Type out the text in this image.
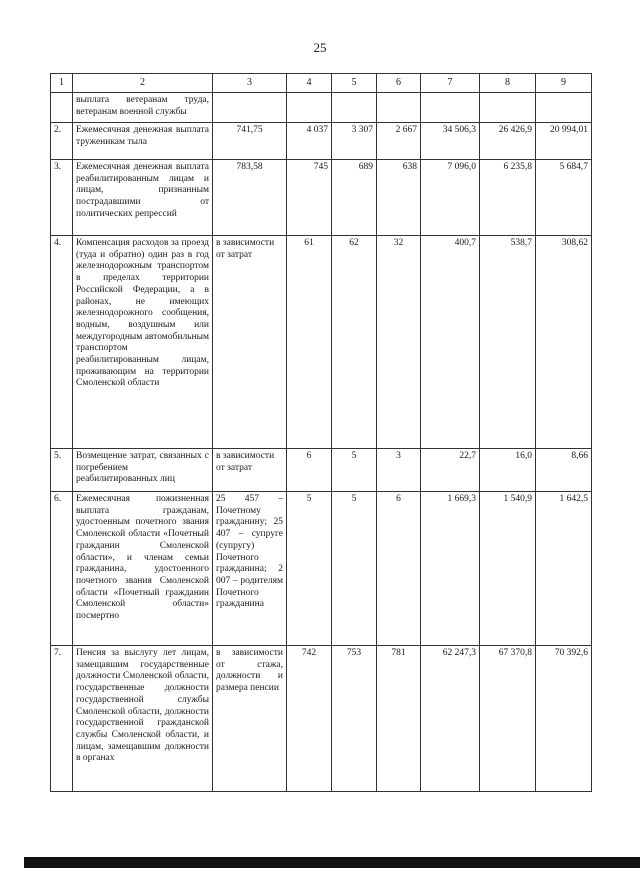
25
1	2	3	4	5	6	7	8	9
	выплата ветеранам труда, ветеранам военной службы							
2.	Ежемесячная денежная выплата труженикам тыла	741,75	4 037	3 307	2 667	34 506,3	26 426,9	20 994,01
3.	Ежемесячная денежная выплата реабилитированным лицам и лицам, признанным пострадавшими от политических репрессий	783,58	745	689	638	7 096,0	6 235,8	5 684,7
4.	Компенсация расходов за проезд (туда и обратно) один раз в год железнодорожным транспортом в пределах территории Российской Федерации, а в районах, не имеющих железнодорожного сообщения, водным, воздушным или междугородным автомобильным транспортом реабилитированным лицам, проживающим на территории Смоленской области	в зависимости от затрат	61	62	32	400,7	538,7	308,62
5.	Возмещение затрат, связанных с погребением реабилитированных лиц	в зависимости от затрат	6	5	3	22,7	16,0	8,66
6.	Ежемесячная пожизненная выплата гражданам, удостоенным почетного звания Смоленской области «Почетный гражданин Смоленской области», и членам семьи гражданина, удостоенного почетного звания Смоленской области «Почетный гражданин Смоленской области» посмертно	25 457 – Почетному гражданину; 25 407 – супруге (супругу) Почетного гражданина; 2 007 – родителям Почетного гражданина	5	5	6	1 669,3	1 540,9	1 642,5
7.	Пенсия за выслугу лет лицам, замещавшим государственные должности Смоленской области, государственные должности государственной службы Смоленской области, должности государственной гражданской службы Смоленской области, и лицам, замещавшим должности в органах	в зависимости от стажа, должности и размера пенсии	742	753	781	62 247,3	67 370,8	70 392,6
